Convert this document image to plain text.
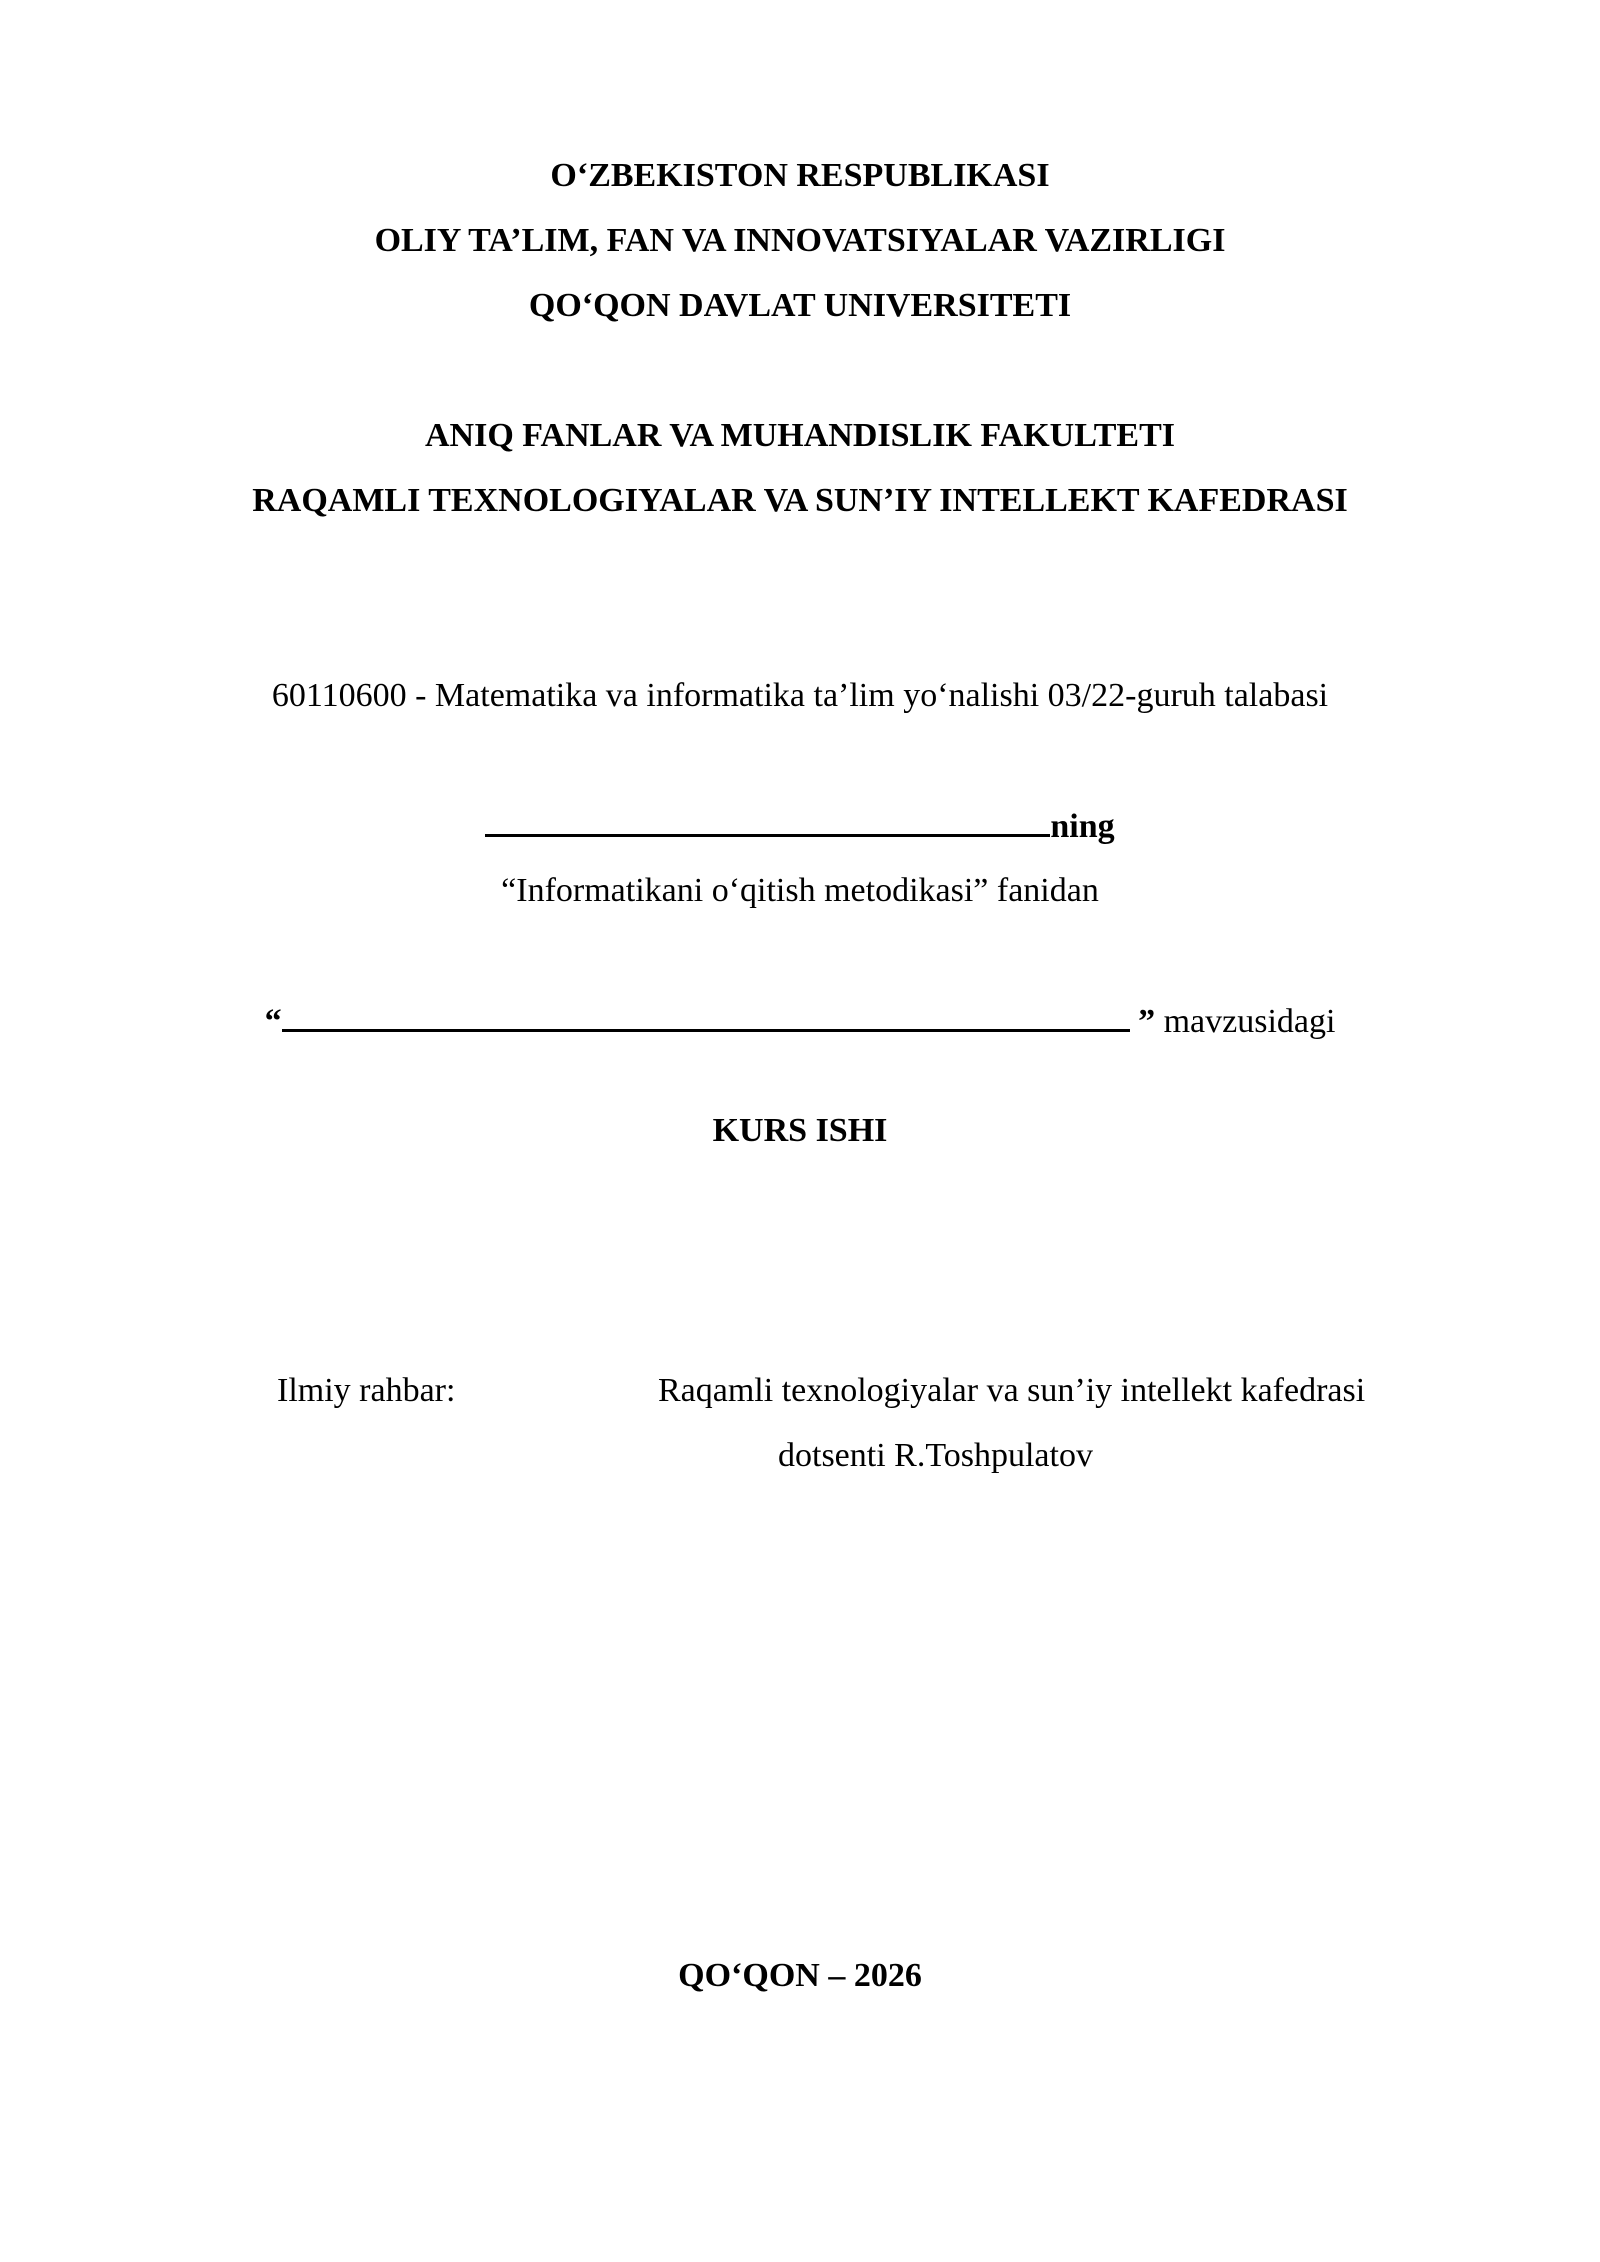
O‘ZBEKISTON RESPUBLIKASI
OLIY TA’LIM, FAN VA INNOVATSIYALAR VAZIRLIGI
QO‘QON DAVLAT UNIVERSITETI
ANIQ FANLAR VA MUHANDISLIK FAKULTETI
RAQAMLI TEXNOLOGIYALAR VA SUN’IY INTELLEKT KAFEDRASI
60110600 - Matematika va informatika ta’lim yo‘nalishi 03/22-guruh talabasi
ning
“Informatikani o‘qitish metodikasi” fanidan
“	” mavzusidagi
KURS ISHI
Ilmiy rahbar:	Raqamli texnologiyalar va sun’iy intellekt kafedrasi
dotsenti R.Toshpulatov
QO‘QON – 2026
